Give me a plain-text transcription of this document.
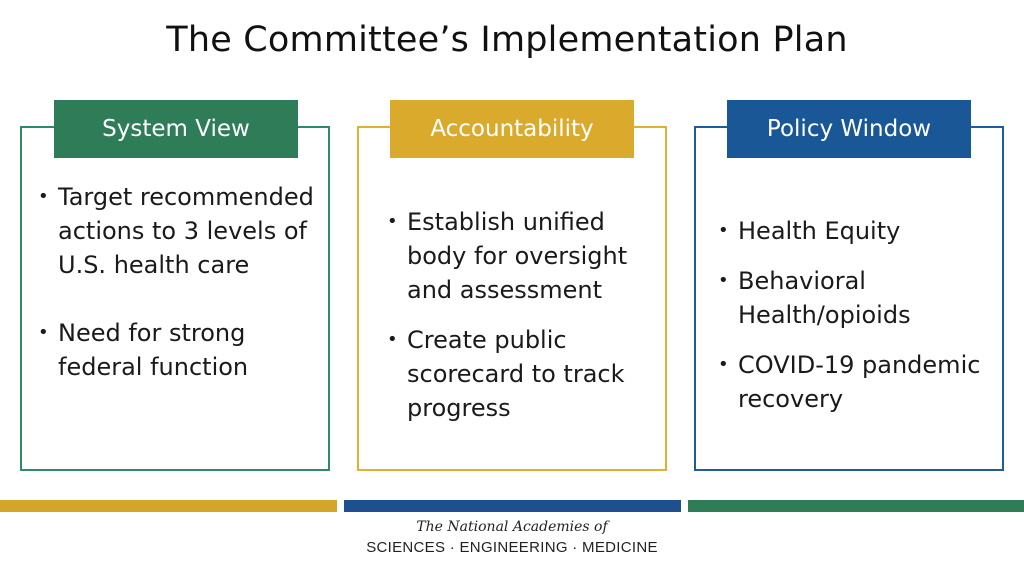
The Committee’s Implementation Plan
System View
• Target recommended actions to 3 levels of U.S. health care
• Need for strong federal function
Accountability
• Establish unified body for oversight and assessment
• Create public scorecard to track progress
Policy Window
• Health Equity
• Behavioral Health/opioids
• COVID-19 pandemic recovery
The National Academies of
SCIENCES · ENGINEERING · MEDICINE
